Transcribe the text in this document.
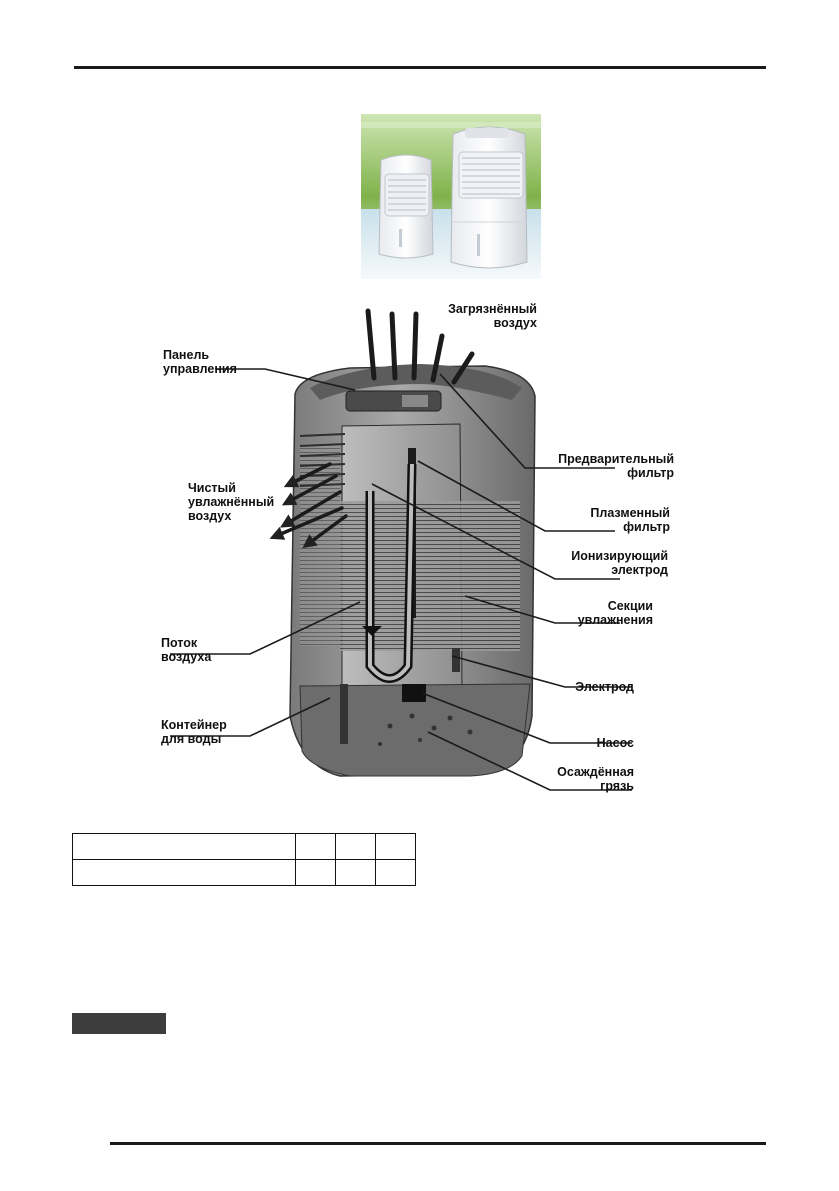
Загрязнённый
воздух
Панель
управления
Чистый
увлажнённый
воздух
Поток
воздуха
Контейнер
для воды
Предварительный
фильтр
Плазменный
фильтр
Ионизирующий
электрод
Секции
увлажнения
Электрод
Насос
Осаждённая
грязь
